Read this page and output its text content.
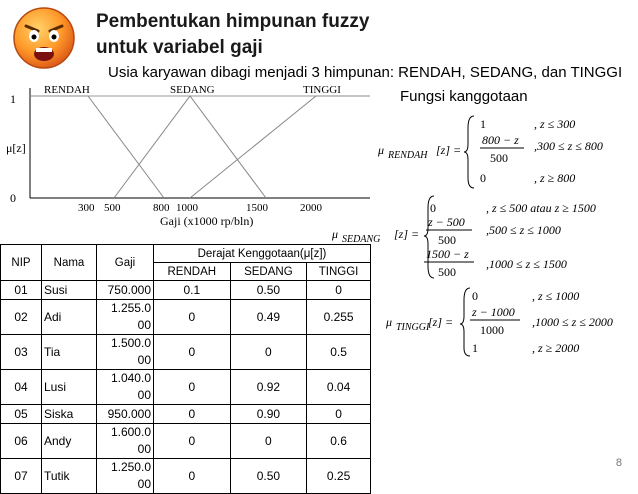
Pembentukan himpunan fuzzy
untuk variabel gaji
Usia karyawan dibagi menjadi 3 himpunan: RENDAH, SEDANG, dan TINGGI
1
0
μ[z]
RENDAH	SEDANG	TINGGI
300 500	800 1000	1500	2000
Gaji (x1000 rp/bln)
Fungsi kanggotaan
μ RENDAH [z] =
1	, z ≤ 300
800 − z
500
,300 ≤ z ≤ 800
0	, z ≥ 800
μ SEDANG [z] =
0	, z ≤ 500 atau z ≥ 1500
z − 500
500
,500 ≤ z ≤ 1000
1500 − z
500
,1000 ≤ z ≤ 1500
μ TINGGI
[z] =
0	, z ≤ 1000
z − 1000
1000
,1000 ≤ z ≤ 2000
1	, z ≥ 2000
NIP	Nama	Gaji	Derajat Kenggotaan(μ[z])		
			RENDAH	SEDANG	TINGGI
01	Susi	750.000	0.1	0.50	0
02	Adi	1.255.000	0	0.49	0.255
03	Tia	1.500.000	0	0	0.5
04	Lusi	1.040.000	0	0.92	0.04
05	Siska	950.000	0	0.90	0
06	Andy	1.600.000	0	0	0.6
07	Tutik	1.250.000	0	0.50	0.25
8
